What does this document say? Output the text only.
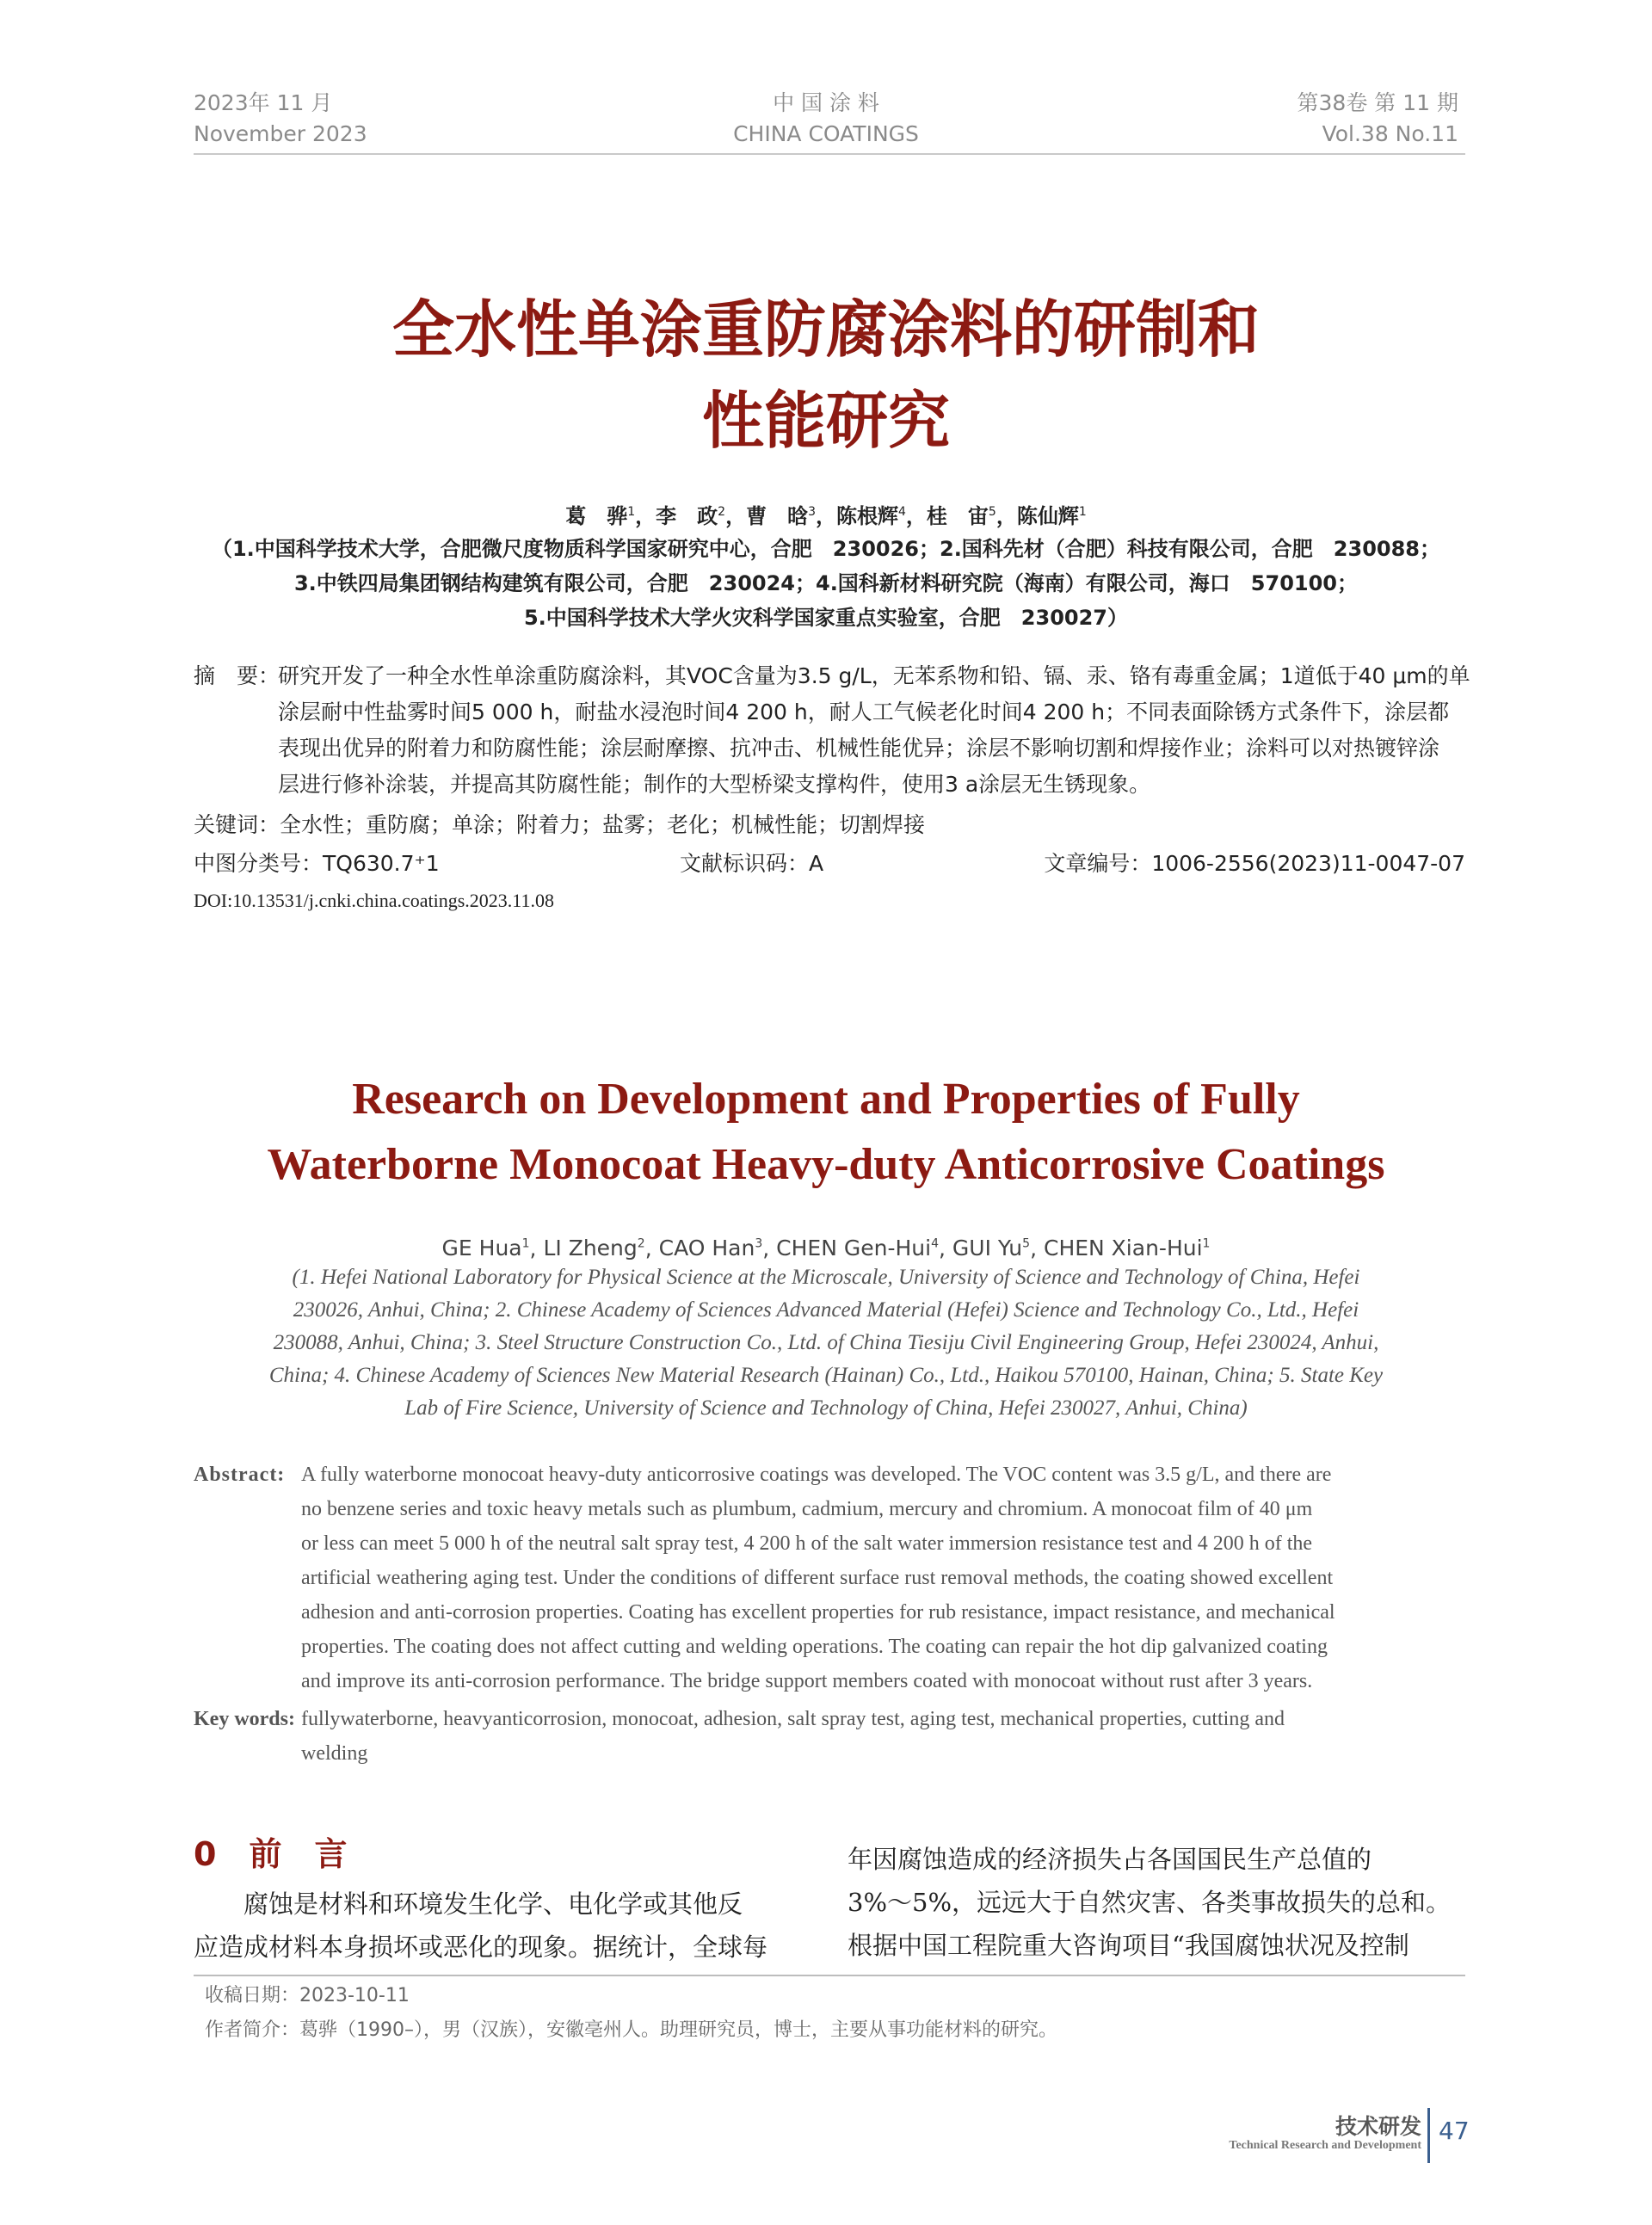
2023年 11 月
November 2023
中 国 涂 料
CHINA COATINGS
第38卷 第 11 期
Vol.38 No.11
全水性单涂重防腐涂料的研制和
性能研究
葛　骅$^1$，李　政$^2$，曹　晗$^3$，陈根辉$^4$，桂　宙$^5$，陈仙辉$^1$
（1.中国科学技术大学，合肥微尺度物质科学国家研究中心，合肥　230026；2.国科先材（合肥）科技有限公司，合肥　230088；
3.中铁四局集团钢结构建筑有限公司，合肥　230024；4.国科新材料研究院（海南）有限公司，海口　570100；
5.中国科学技术大学火灾科学国家重点实验室，合肥　230027）
摘　要：
研究开发了一种全水性单涂重防腐涂料，其VOC含量为3.5 g/L，无苯系物和铅、镉、汞、铬有毒重金属；1道低于40 μm的单
涂层耐中性盐雾时间5 000 h，耐盐水浸泡时间4 200 h，耐人工气候老化时间4 200 h；不同表面除锈方式条件下，涂层都
表现出优异的附着力和防腐性能；涂层耐摩擦、抗冲击、机械性能优异；涂层不影响切割和焊接作业；涂料可以对热镀锌涂
层进行修补涂装，并提高其防腐性能；制作的大型桥梁支撑构件，使用3 a涂层无生锈现象。
关键词：全水性；重防腐；单涂；附着力；盐雾；老化；机械性能；切割焊接
中图分类号：TQ630.7⁺1	文献标识码：A	文章编号：1006-2556(2023)11-0047-07
DOI:10.13531/j.cnki.china.coatings.2023.11.08
Research on Development and Properties of Fully
Waterborne Monocoat Heavy-duty Anticorrosive Coatings
GE Hua$^1$, LI Zheng$^2$, CAO Han$^3$, CHEN Gen-Hui$^4$, GUI Yu$^5$, CHEN Xian-Hui$^1$
(1. Hefei National Laboratory for Physical Science at the Microscale, University of Science and Technology of China, Hefei
230026, Anhui, China; 2. Chinese Academy of Sciences Advanced Material (Hefei) Science and Technology Co., Ltd., Hefei
230088, Anhui, China; 3. Steel Structure Construction Co., Ltd. of China Tiesiju Civil Engineering Group, Hefei 230024, Anhui,
China; 4. Chinese Academy of Sciences New Material Research (Hainan) Co., Ltd., Haikou 570100, Hainan, China; 5. State Key
Lab of Fire Science, University of Science and Technology of China, Hefei 230027, Anhui, China)
Abstract: A fully waterborne monocoat heavy-duty anticorrosive coatings was developed. The VOC content was 3.5 g/L, and there are
no benzene series and toxic heavy metals such as plumbum, cadmium, mercury and chromium. A monocoat film of 40 μm
or less can meet 5 000 h of the neutral salt spray test, 4 200 h of the salt water immersion resistance test and 4 200 h of the
artificial weathering aging test. Under the conditions of different surface rust removal methods, the coating showed excellent
adhesion and anti-corrosion properties. Coating has excellent properties for rub resistance, impact resistance, and mechanical
properties. The coating does not affect cutting and welding operations. The coating can repair the hot dip galvanized coating
and improve its anti-corrosion performance. The bridge support members coated with monocoat without rust after 3 years.
Key words: fullywaterborne, heavyanticorrosion, monocoat, adhesion, salt spray test, aging test, mechanical properties, cutting and
welding
0　前　言
　　腐蚀是材料和环境发生化学、电化学或其他反
应造成材料本身损坏或恶化的现象。据统计，全球每
年因腐蚀造成的经济损失占各国国民生产总值的
3%～5%，远远大于自然灾害、各类事故损失的总和。
根据中国工程院重大咨询项目“我国腐蚀状况及控制
收稿日期：2023-10-11
作者简介：葛骅（1990–），男（汉族），安徽亳州人。助理研究员，博士，主要从事功能材料的研究。
技术研发
Technical Research and Development
47
